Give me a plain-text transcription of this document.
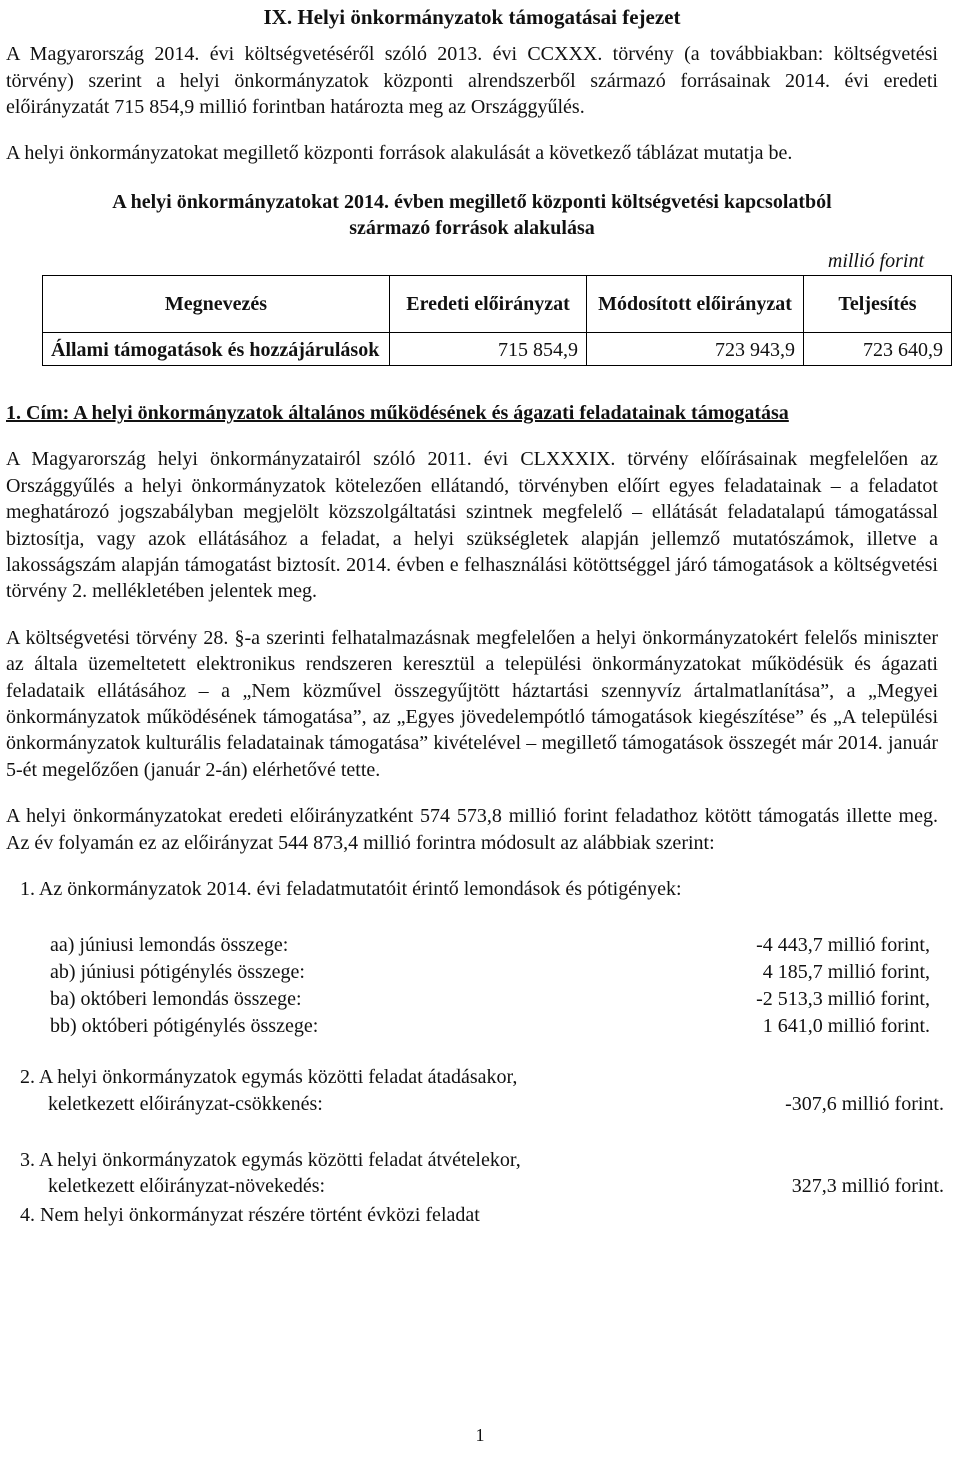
IX. Helyi önkormányzatok támogatásai fejezet

A Magyarország 2014. évi költségvetéséről szóló 2013. évi CCXXX. törvény (a továbbiakban: költségvetési törvény) szerint a helyi önkormányzatok központi alrendszerből származó forrásainak 2014. évi eredeti előirányzatát 715 854,9 millió forintban határozta meg az Országgyűlés.

A helyi önkormányzatokat megillető központi források alakulását a következő táblázat mutatja be.

A helyi önkormányzatokat 2014. évben megillető központi költségvetési kapcsolatból
származó források alakulása
millió forint
Megnevezés	Eredeti előirányzat	Módosított előirányzat	Teljesítés
Állami támogatások és hozzájárulások	715 854,9	723 943,9	723 640,9
1. Cím: A helyi önkormányzatok általános működésének és ágazati feladatainak támogatása

A Magyarország helyi önkormányzatairól szóló 2011. évi CLXXXIX. törvény előírásainak megfelelően az Országgyűlés a helyi önkormányzatok kötelezően ellátandó, törvényben előírt egyes feladatainak – a feladatot meghatározó jogszabályban megjelölt közszolgáltatási szintnek megfelelő – ellátását feladatalapú támogatással biztosítja, vagy azok ellátásához a feladat, a helyi szükségletek alapján jellemző mutatószámok, illetve a lakosságszám alapján támogatást biztosít. 2014. évben e felhasználási kötöttséggel járó támogatások a költségvetési törvény 2. mellékletében jelentek meg.

A költségvetési törvény 28. §-a szerinti felhatalmazásnak megfelelően a helyi önkormányzatokért felelős miniszter az általa üzemeltetett elektronikus rendszeren keresztül a települési önkormányzatokat működésük és ágazati feladataik ellátásához – a „Nem közművel összegyűjtött háztartási szennyvíz ártalmatlanítása”, a „Megyei önkormányzatok működésének támogatása”, az „Egyes jövedelempótló támogatások kiegészítése” és „A települési önkormányzatok kulturális feladatainak támogatása” kivételével – megillető támogatások összegét már 2014. január 5-ét megelőzően (január 2-án) elérhetővé tette.

A helyi önkormányzatokat eredeti előirányzatként 574 573,8 millió forint feladathoz kötött támogatás illette meg. Az év folyamán ez az előirányzat 544 873,4 millió forintra módosult az alábbiak szerint:

1. Az önkormányzatok 2014. évi feladatmutatóit érintő lemondások és pótigények:
aa) júniusi lemondás összege:	-4 443,7 millió forint,
ab) júniusi pótigénylés összege:	4 185,7 millió forint,
ba) októberi lemondás összege:	-2 513,3 millió forint,
bb) októberi pótigénylés összege:	1 641,0 millió forint.
2. A helyi önkormányzatok egymás közötti feladat átadásakor,
keletkezett előirányzat-csökkenés:	-307,6 millió forint.
3. A helyi önkormányzatok egymás közötti feladat átvételekor,
keletkezett előirányzat-növekedés:	327,3 millió forint.
4. Nem helyi önkormányzat részére történt évközi feladat
1
